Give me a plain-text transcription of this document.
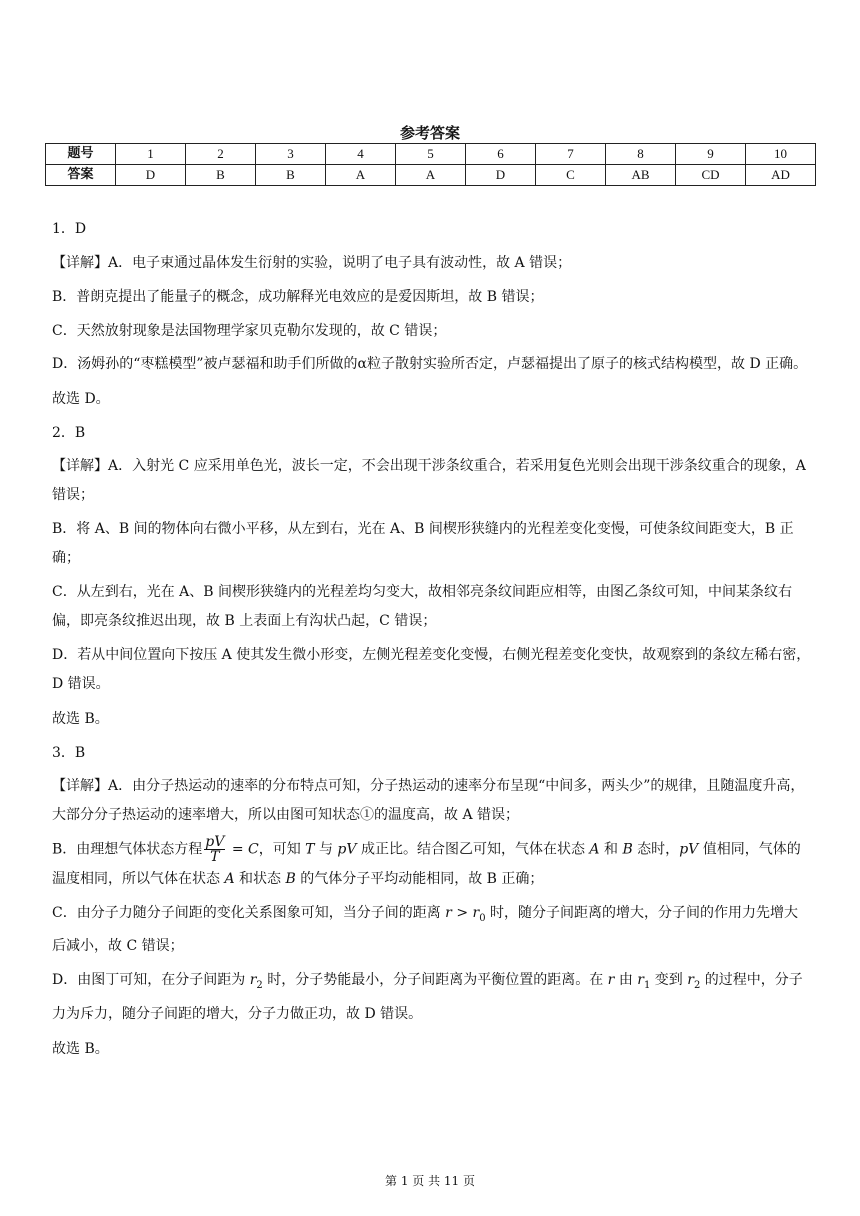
参考答案
题号	1	2	3	4	5	6	7	8	9	10
答案	D	B	B	A	A	D	C	AB	CD	AD

1．D

【详解】A．电子束通过晶体发生衍射的实验，说明了电子具有波动性，故 A 错误；

B．普朗克提出了能量子的概念，成功解释光电效应的是爱因斯坦，故 B 错误；

C．天然放射现象是法国物理学家贝克勒尔发现的，故 C 错误；

D．汤姆孙的“枣糕模型”被卢瑟福和助手们所做的α粒子散射实验所否定，卢瑟福提出了原子的核式结构模型，故 D 正确。

故选 D。

2．B

【详解】A．入射光 C 应采用单色光，波长一定，不会出现干涉条纹重合，若采用复色光则会出现干涉条纹重合的现象，A 错误；

B．将 A、B 间的物体向右微小平移，从左到右，光在 A、B 间楔形狭缝内的光程差变化变慢，可使条纹间距变大，B 正确；

C．从左到右，光在 A、B 间楔形狭缝内的光程差均匀变大，故相邻亮条纹间距应相等，由图乙条纹可知，中间某条纹右偏，即亮条纹推迟出现，故 B 上表面上有沟状凸起，C 错误；

D．若从中间位置向下按压 A 使其发生微小形变，左侧光程差变化变慢，右侧光程差变化变快，故观察到的条纹左稀右密，D 错误。

故选 B。

3．B

【详解】A．由分子热运动的速率的分布特点可知，分子热运动的速率分布呈现“中间多，两头少”的规律，且随温度升高，大部分分子热运动的速率增大，所以由图可知状态①的温度高，故 A 错误；

B．由理想气体状态方程 $\frac{pV}{T} = C$，可知 T 与 pV 成正比。结合图乙可知，气体在状态 A 和 B 态时，pV 值相同，气体的温度相同，所以气体在状态 A 和状态 B 的气体分子平均动能相同，故 B 正确；

C．由分子力随分子间距的变化关系图象可知，当分子间的距离 $r > r_0$ 时，随分子间距离的增大，分子间的作用力先增大后减小，故 C 错误；

D．由图丁可知，在分子间距为 $r_2$ 时，分子势能最小，分子间距离为平衡位置的距离。在 r 由 $r_1$ 变到 $r_2$ 的过程中，分子力为斥力，随分子间距的增大，分子力做正功，故 D 错误。

故选 B。

第 1 页 共 11 页
